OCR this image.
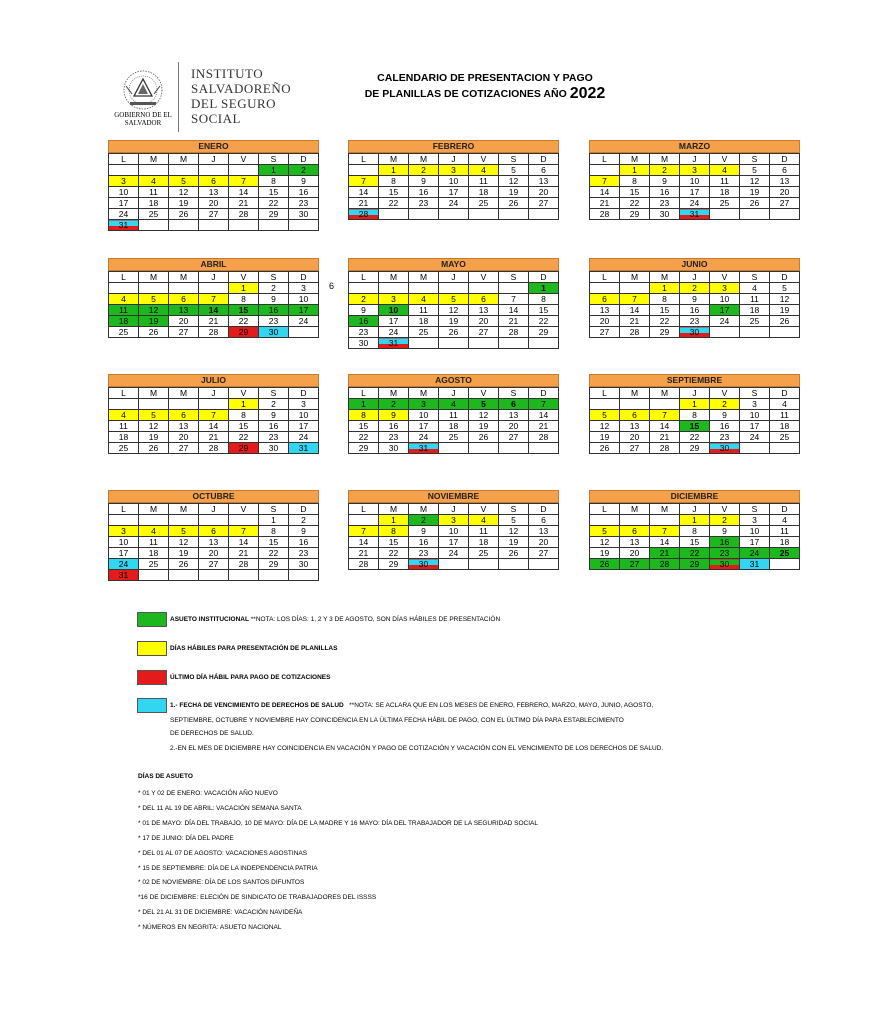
GOBIERNO DE EL SALVADOR
INSTITUTO
SALVADOREÑO
DEL SEGURO
SOCIAL
CALENDARIO DE PRESENTACION Y PAGO
DE PLANILLAS DE COTIZACIONES AÑO 2022
ENERO
L	M	M	J	V	S	D
					1	2
3	4	5	6	7	8	9
10	11	12	13	14	15	16
17	18	19	20	21	22	23
24	25	26	27	28	29	30
31						
FEBRERO
L	M	M	J	V	S	D
	1	2	3	4	5	6
7	8	9	10	11	12	13
14	15	16	17	18	19	20
21	22	23	24	25	26	27
28						
MARZO
L	M	M	J	V	S	D
	1	2	3	4	5	6
7	8	9	10	11	12	13
14	15	16	17	18	19	20
21	22	23	24	25	26	27
28	29	30	31			
ABRIL
L	M	M	J	V	S	D
				1	2	3
4	5	6	7	8	9	10
11	12	13	14	15	16	17
18	19	20	21	22	23	24
25	26	27	28	29	30	
MAYO
L	M	M	J	V	S	D
						1
2	3	4	5	6	7	8
9	10	11	12	13	14	15
16	17	18	19	20	21	22
23	24	25	26	27	28	29
30	31					
JUNIO
L	M	M	J	V	S	D
		1	2	3	4	5
6	7	8	9	10	11	12
13	14	15	16	17	18	19
20	21	22	23	24	25	26
27	28	29	30			
JULIO
L	M	M	J	V	S	D
				1	2	3
4	5	6	7	8	9	10
11	12	13	14	15	16	17
18	19	20	21	22	23	24
25	26	27	28	29	30	31
AGOSTO
L	M	M	J	V	S	D
1	2	3	4	5	6	7
8	9	10	11	12	13	14
15	16	17	18	19	20	21
22	23	24	25	26	27	28
29	30	31				
SEPTIEMBRE
L	M	M	J	V	S	D
			1	2	3	4
5	6	7	8	9	10	11
12	13	14	15	16	17	18
19	20	21	22	23	24	25
26	27	28	29	30		
OCTUBRE
L	M	M	J	V	S	D
					1	2
3	4	5	6	7	8	9
10	11	12	13	14	15	16
17	18	19	20	21	22	23
24	25	26	27	28	29	30
31						
NOVIEMBRE
L	M	M	J	V	S	D
	1	2	3	4	5	6
7	8	9	10	11	12	13
14	15	16	17	18	19	20
21	22	23	24	25	26	27
28	29	30				
DICIEMBRE
L	M	M	J	V	S	D
			1	2	3	4
5	6	7	8	9	10	11
12	13	14	15	16	17	18
19	20	21	22	23	24	25
26	27	28	29	30	31	
6
ASUETO INSTITUCIONAL **NOTA: LOS DÍAS: 1, 2 Y 3 DE AGOSTO, SON DÍAS HÁBILES DE PRESENTACIÓN
DÍAS HÁBILES PARA PRESENTACIÓN DE PLANILLAS
ÚLTIMO DÍA HÁBIL PARA PAGO DE COTIZACIONES
1.- FECHA DE VENCIMIENTO DE DERECHOS DE SALUD **NOTA: SE ACLARA QUE EN LOS MESES DE ENERO, FEBRERO, MARZO, MAYO, JUNIO, AGOSTO,
SEPTIEMBRE, OCTUBRE Y NOVIEMBRE HAY COINCIDENCIA EN LA ÚLTIMA FECHA HÁBIL DE PAGO, CON EL ÚLTIMO DÍA PARA ESTABLECIMIENTO
DE DERECHOS DE SALUD.
2.-EN EL MES DE DICIEMBRE HAY COINCIDENCIA EN VACACIÓN Y PAGO DE COTIZACIÓN Y VACACIÓN CON EL VENCIMIENTO DE LOS DERECHOS DE SALUD.
DÍAS DE ASUETO
* 01 Y 02 DE ENERO: VACACIÓN AÑO NUEVO
* DEL 11 AL 19 DE ABRIL: VACACIÓN SEMANA SANTA
* 01 DE MAYO: DÍA DEL TRABAJO, 10 DE MAYO: DÍA DE LA MADRE Y 16 MAYO: DÍA DEL TRABAJADOR DE LA SEGURIDAD SOCIAL
* 17 DE JUNIO: DÍA DEL PADRE
* DEL 01 AL 07 DE AGOSTO: VACACIONES AGOSTINAS
* 15 DE SEPTIEMBRE: DÍA DE LA INDEPENDENCIA PATRIA
* 02 DE NOVIEMBRE: DÍA DE LOS SANTOS DIFUNTOS
*16 DE DICIEMBRE: ELECIÓN DE SINDICATO DE TRABAJADORES DEL ISSSS
* DEL 21 AL 31 DE DICIEMBRE: VACACIÓN NAVIDEÑA
* NÚMEROS EN NEGRITA: ASUETO NACIONAL
